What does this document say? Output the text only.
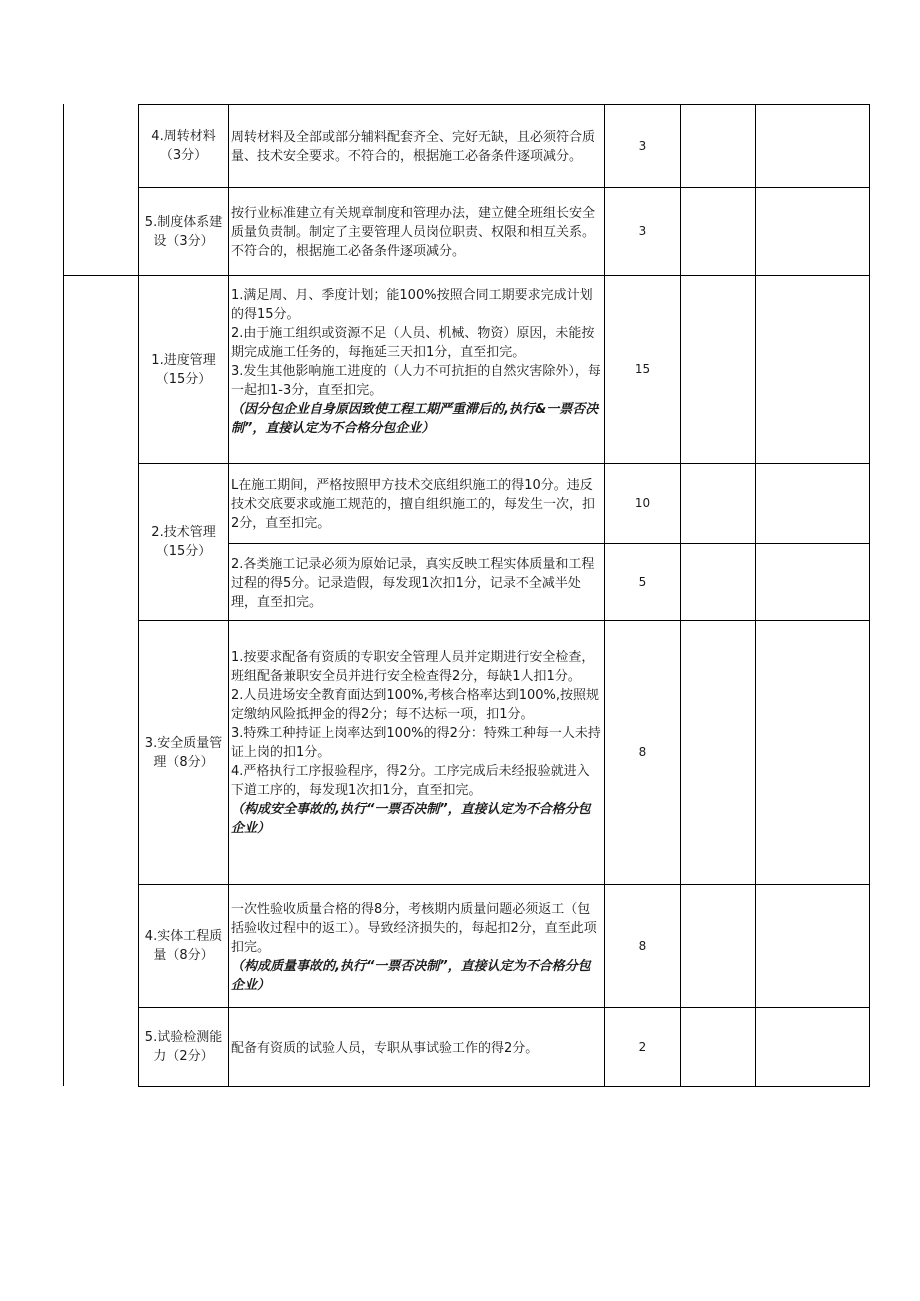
4.周转材料（3分）

周转材料及全部或部分辅料配套齐全、完好无缺，且必须符合质量、技术安全要求。不符合的，根据施工必备条件逐项减分。

3
5.制度体系建设（3分）

按行业标准建立有关规章制度和管理办法，建立健全班组长安全质量负责制。制定了主要管理人员岗位职责、权限和相互关系。不符合的，根据施工必备条件逐项减分。

3
1.进度管理（15分）

1.满足周、月、季度计划；能100%按照合同工期要求完成计划的得15分。

2.由于施工组织或资源不足（人员、机械、物资）原因，未能按期完成施工任务的，每拖延三天扣1分，直至扣完。

3.发生其他影响施工进度的（人力不可抗拒的自然灾害除外），每一起扣1-3分，直至扣完。

（因分包企业自身原因致使工程工期严重滞后的,执行&一票否决制”，直接认定为不合格分包企业）

15
2.技术管理（15分）

L在施工期间，严格按照甲方技术交底组织施工的得10分。违反技术交底要求或施工规范的，擅自组织施工的，每发生一次，扣2分，直至扣完。

10

2.各类施工记录必须为原始记录，真实反映工程实体质量和工程过程的得5分。记录造假，每发现1次扣1分，记录不全减半处理，直至扣完。

5
3.安全质量管理（8分）

1.按要求配备有资质的专职安全管理人员并定期进行安全检查，班组配备兼职安全员并进行安全检查得2分，每缺1人扣1分。

2.人员进场安全教育面达到100%,考核合格率达到100%,按照规定缴纳风险抵押金的得2分；每不达标一项，扣1分。

3.特殊工种持证上岗率达到100%的得2分：特殊工种每一人未持证上岗的扣1分。

4.严格执行工序报验程序，得2分。工序完成后未经报验就进入下道工序的，每发现1次扣1分，直至扣完。

（构成安全事故的,执行“一票否决制”，直接认定为不合格分包企业）

8
4.实体工程质量（8分）

一次性验收质量合格的得8分，考核期内质量问题必须返工（包括验收过程中的返工）。导致经济损失的，每起扣2分，直至此项扣完。

（构成质量事故的,执行“一票否决制”，直接认定为不合格分包企业）

8
5.试验检测能力（2分）

配备有资质的试验人员，专职从事试验工作的得2分。	2
